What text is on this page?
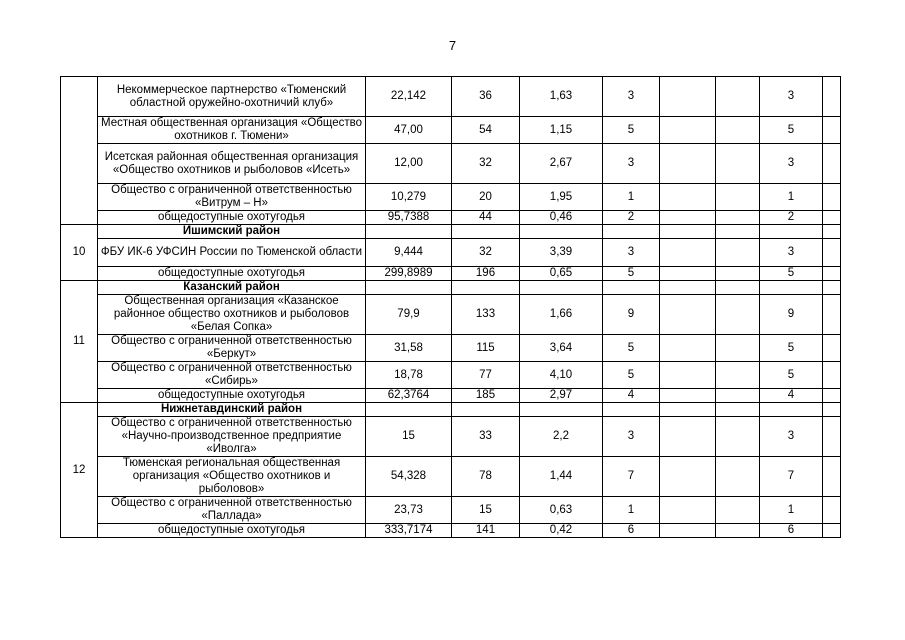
7
	Некоммерческое партнерство «Тюменский областной оружейно-охотничий клуб»	22,142	36	1,63	3			3	
	Местная общественная организация «Общество охотников г. Тюмени»	47,00	54	1,15	5			5	
	Исетская районная общественная организация «Общество охотников и рыболовов «Исеть»	12,00	32	2,67	3			3	
	Общество с ограниченной ответственностью «Витрум – Н»	10,279	20	1,95	1			1	
	общедоступные охотугодья	95,7388	44	0,46	2			2	
10	Ишимский район								
	ФБУ ИК-6 УФСИН России по Тюменской области	9,444	32	3,39	3			3	
	общедоступные охотугодья	299,8989	196	0,65	5			5	
11	Казанский район								
	Общественная организация «Казанское районное общество охотников и рыболовов «Белая Сопка»	79,9	133	1,66	9			9	
	Общество с ограниченной ответственностью «Беркут»	31,58	115	3,64	5			5	
	Общество с ограниченной ответственностью «Сибирь»	18,78	77	4,10	5			5	
	общедоступные охотугодья	62,3764	185	2,97	4			4	
12	Нижнетавдинский район								
	Общество с ограниченной ответственностью «Научно-производственное предприятие «Иволга»	15	33	2,2	3			3	
	Тюменская региональная общественная организация «Общество охотников и рыболовов»	54,328	78	1,44	7			7	
	Общество с ограниченной ответственностью «Паллада»	23,73	15	0,63	1			1	
	общедоступные охотугодья	333,7174	141	0,42	6			6	
